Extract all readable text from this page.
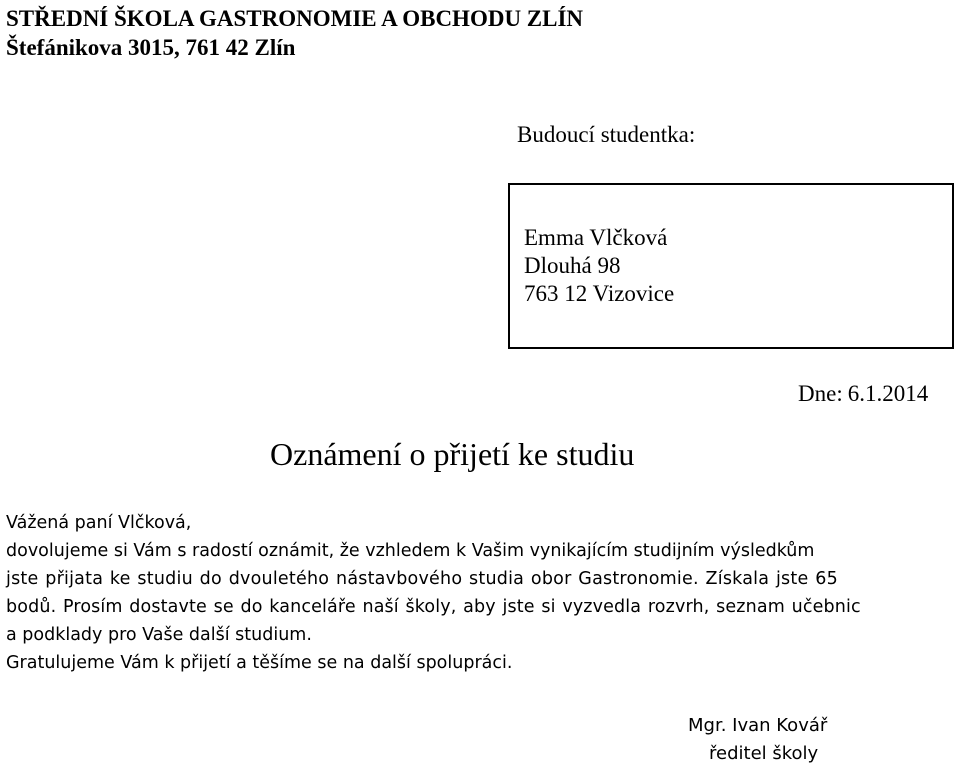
STŘEDNÍ ŠKOLA GASTRONOMIE A OBCHODU ZLÍN
Štefánikova 3015, 761 42 Zlín
Budoucí studentka:
Emma Vlčková
Dlouhá 98
763 12 Vizovice
Dne: 6.1.2014
Oznámení o přijetí ke studiu
Vážená paní Vlčková,
dovolujeme si Vám s radostí oznámit, že vzhledem k Vašim vynikajícím studijním výsledkům
jste přijata ke studiu do dvouletého nástavbového studia obor Gastronomie. Získala jste 65
bodů. Prosím dostavte se do kanceláře naší školy, aby jste si vyzvedla rozvrh, seznam učebnic
a podklady pro Vaše další studium.
Gratulujeme Vám k přijetí a těšíme se na další spolupráci.
Mgr. Ivan Kovář
ředitel školy
